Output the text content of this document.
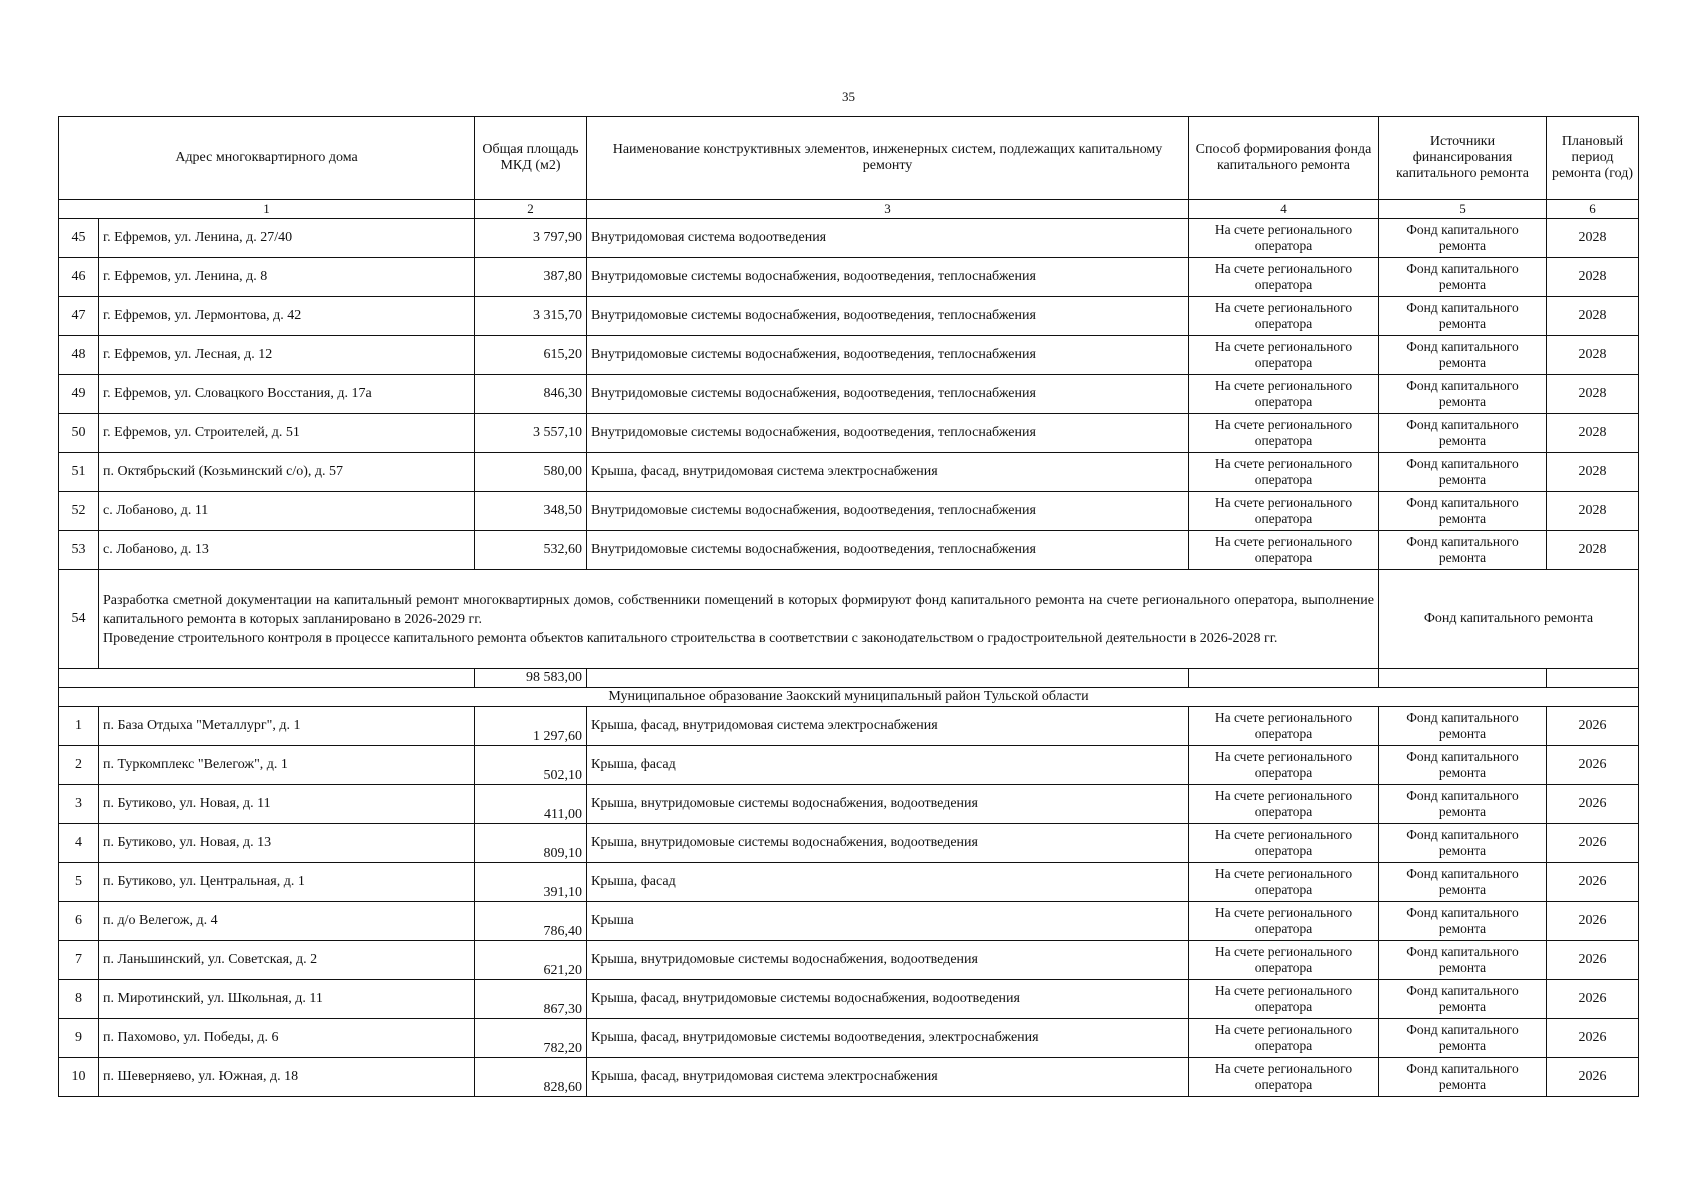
35
Адрес многоквартирного дома		Общая площадь МКД (м2)	Наименование конструктивных элементов, инженерных систем, подлежащих капитальному ремонту	Способ формирования фонда капитального ремонта	Источники финансирования капитального ремонта	Плановый период ремонта (год)
1		2	3	4	5	6
45	г. Ефремов, ул. Ленина, д. 27/40	3 797,90	Внутридомовая система водоотведения	На счете регионального оператора	Фонд капитального ремонта	2028
46	г. Ефремов, ул. Ленина, д. 8	387,80	Внутридомовые системы водоснабжения, водоотведения, теплоснабжения	На счете регионального оператора	Фонд капитального ремонта	2028
47	г. Ефремов, ул. Лермонтова, д. 42	3 315,70	Внутридомовые системы водоснабжения, водоотведения, теплоснабжения	На счете регионального оператора	Фонд капитального ремонта	2028
48	г. Ефремов, ул. Лесная, д. 12	615,20	Внутридомовые системы водоснабжения, водоотведения, теплоснабжения	На счете регионального оператора	Фонд капитального ремонта	2028
49	г. Ефремов, ул. Словацкого Восстания, д. 17а	846,30	Внутридомовые системы водоснабжения, водоотведения, теплоснабжения	На счете регионального оператора	Фонд капитального ремонта	2028
50	г. Ефремов, ул. Строителей, д. 51	3 557,10	Внутридомовые системы водоснабжения, водоотведения, теплоснабжения	На счете регионального оператора	Фонд капитального ремонта	2028
51	п. Октябрьский (Козьминский с/о), д. 57	580,00	Крыша, фасад, внутридомовая система электроснабжения	На счете регионального оператора	Фонд капитального ремонта	2028
52	с. Лобаново, д. 11	348,50	Внутридомовые системы водоснабжения, водоотведения, теплоснабжения	На счете регионального оператора	Фонд капитального ремонта	2028
53	с. Лобаново, д. 13	532,60	Внутридомовые системы водоснабжения, водоотведения, теплоснабжения	На счете регионального оператора	Фонд капитального ремонта	2028
54	Разработка сметной документации на капитальный ремонт многоквартирных домов, собственники помещений в которых формируют фонд капитального ремонта на счете регионального оператора, выполнение капитального ремонта в которых запланировано в 2026-2029 гг.
Проведение строительного контроля в процессе капитального ремонта объектов капитального строительства в соответствии с законодательством о градостроительной деятельности в 2026-2028 гг.				Фонд капитального ремонта	
		98 583,00				
Муниципальное образование Заокский муниципальный район Тульской области						
1	п. База Отдыха "Металлург", д. 1	1 297,60	Крыша, фасад, внутридомовая система электроснабжения	На счете регионального оператора	Фонд капитального ремонта	2026
2	п. Туркомплекс "Велегож", д. 1	502,10	Крыша, фасад	На счете регионального оператора	Фонд капитального ремонта	2026
3	п. Бутиково, ул. Новая, д. 11	411,00	Крыша, внутридомовые системы водоснабжения, водоотведения	На счете регионального оператора	Фонд капитального ремонта	2026
4	п. Бутиково, ул. Новая, д. 13	809,10	Крыша, внутридомовые системы водоснабжения, водоотведения	На счете регионального оператора	Фонд капитального ремонта	2026
5	п. Бутиково, ул. Центральная, д. 1	391,10	Крыша, фасад	На счете регионального оператора	Фонд капитального ремонта	2026
6	п. д/о Велегож, д. 4	786,40	Крыша	На счете регионального оператора	Фонд капитального ремонта	2026
7	п. Ланьшинский, ул. Советская, д. 2	621,20	Крыша, внутридомовые системы водоснабжения, водоотведения	На счете регионального оператора	Фонд капитального ремонта	2026
8	п. Миротинский, ул. Школьная, д. 11	867,30	Крыша, фасад, внутридомовые системы водоснабжения, водоотведения	На счете регионального оператора	Фонд капитального ремонта	2026
9	п. Пахомово, ул. Победы, д. 6	782,20	Крыша, фасад, внутридомовые системы водоотведения, электроснабжения	На счете регионального оператора	Фонд капитального ремонта	2026
10	п. Шеверняево, ул. Южная, д. 18	828,60	Крыша, фасад, внутридомовая система электроснабжения	На счете регионального оператора	Фонд капитального ремонта	2026
